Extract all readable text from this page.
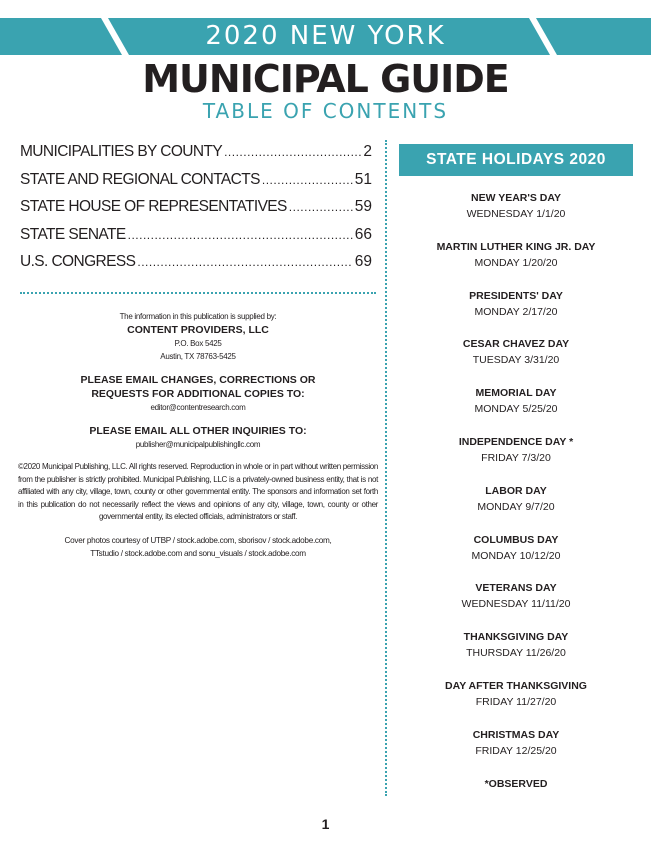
2020 NEW YORK
MUNICIPAL GUIDE
TABLE OF CONTENTS
MUNICIPALITIES BY COUNTY .....	2
STATE AND REGIONAL CONTACTS .....	51
STATE HOUSE OF REPRESENTATIVES .....	59
STATE SENATE .....	66
U.S. CONGRESS .....	69
The information in this publication is supplied by:
CONTENT PROVIDERS, LLC
P.O. Box 5425
Austin, TX 78763-5425
PLEASE EMAIL CHANGES, CORRECTIONS OR
REQUESTS FOR ADDITIONAL COPIES TO:
editor@contentresearch.com
PLEASE EMAIL ALL OTHER INQUIRIES TO:
publisher@municipalpublishingllc.com
©2020 Municipal Publishing, LLC. All rights reserved. Reproduction in whole or in part without written permission from the publisher is strictly prohibited. Municipal Publishing, LLC is a privately-owned business entity, that is not affiliated with any city, village, town, county or other governmental entity. The sponsors and information set forth in this publication do not necessarily reflect the views and opinions of any city, village, town, county or other governmental entity, its elected officials, administrators or staff.
Cover photos courtesy of UTBP / stock.adobe.com, sborisov / stock.adobe.com,
TTstudio / stock.adobe.com and sonu_visuals / stock.adobe.com
STATE HOLIDAYS 2020
NEW YEAR'S DAY
WEDNESDAY 1/1/20
MARTIN LUTHER KING JR. DAY
MONDAY 1/20/20
PRESIDENTS' DAY
MONDAY 2/17/20
CESAR CHAVEZ DAY
TUESDAY 3/31/20
MEMORIAL DAY
MONDAY 5/25/20
INDEPENDENCE DAY *
FRIDAY 7/3/20
LABOR DAY
MONDAY 9/7/20
COLUMBUS DAY
MONDAY 10/12/20
VETERANS DAY
WEDNESDAY 11/11/20
THANKSGIVING DAY
THURSDAY 11/26/20
DAY AFTER THANKSGIVING
FRIDAY 11/27/20
CHRISTMAS DAY
FRIDAY 12/25/20
*OBSERVED
1
